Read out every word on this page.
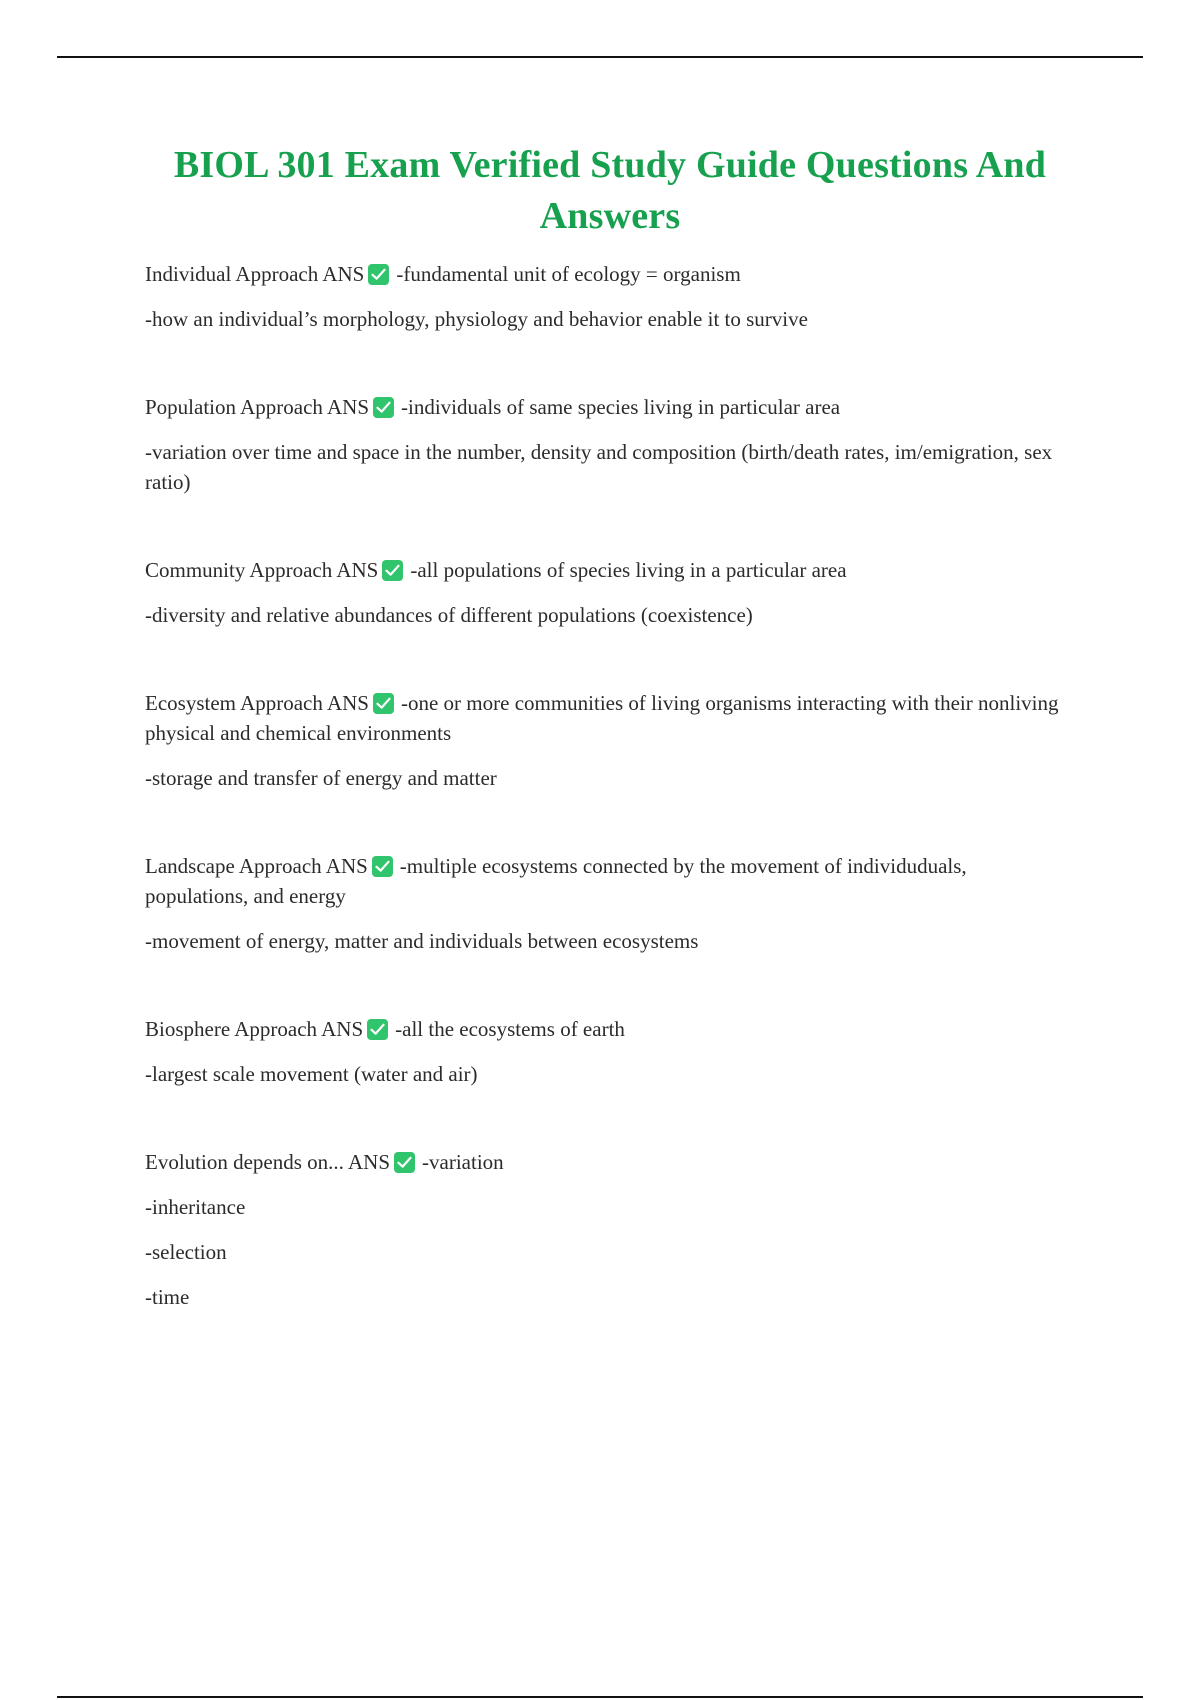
BIOL 301 Exam Verified Study Guide Questions And Answers
Individual Approach ANS -fundamental unit of ecology = organism
-how an individual’s morphology, physiology and behavior enable it to survive
Population Approach ANS -individuals of same species living in particular area
-variation over time and space in the number, density and composition (birth/death rates, im/emigration, sex ratio)
Community Approach ANS -all populations of species living in a particular area
-diversity and relative abundances of different populations (coexistence)
Ecosystem Approach ANS -one or more communities of living organisms interacting with their nonliving physical and chemical environments
-storage and transfer of energy and matter
Landscape Approach ANS -multiple ecosystems connected by the movement of individuduals, populations, and energy
-movement of energy, matter and individuals between ecosystems
Biosphere Approach ANS -all the ecosystems of earth
-largest scale movement (water and air)
Evolution depends on... ANS -variation
-inheritance
-selection
-time
